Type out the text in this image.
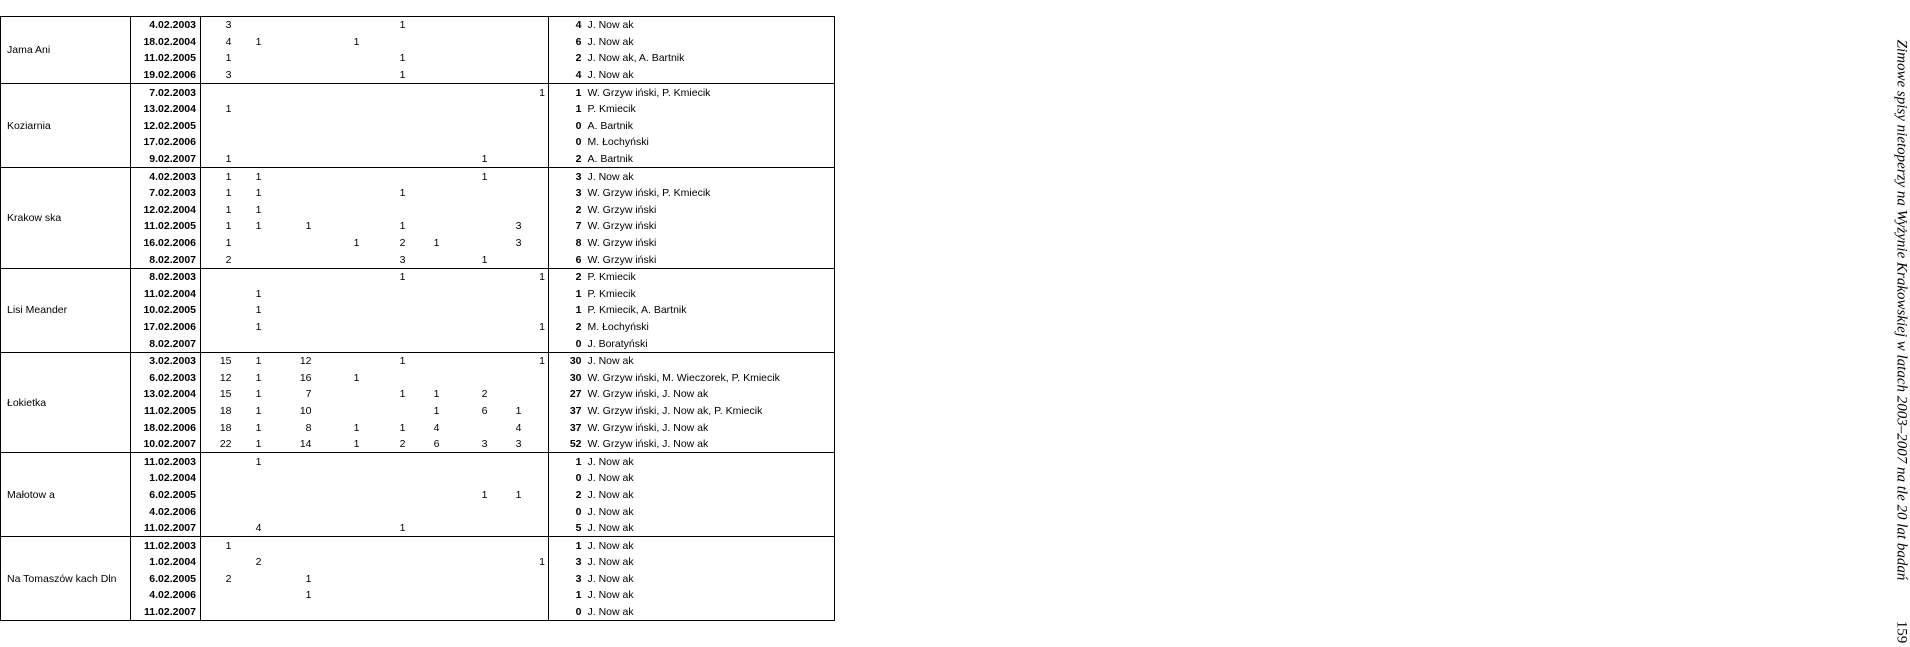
Jama Ani	4.02.2003	3				1					4	J. Now ak
	18.02.2004	4	1		1						6	J. Now ak
	11.02.2005	1				1					2	J. Now ak, A. Bartnik
	19.02.2006	3				1					4	J. Now ak
Koziarnia	7.02.2003									1	1	W. Grzyw iński, P. Kmiecik
	13.02.2004	1									1	P. Kmiecik
	12.02.2005										0	A. Bartnik
	17.02.2006										0	M. Łochyński
	9.02.2007	1						1			2	A. Bartnik
Krakow ska	4.02.2003	1	1					1			3	J. Now ak
	7.02.2003	1	1			1					3	W. Grzyw iński, P. Kmiecik
	12.02.2004	1	1								2	W. Grzyw iński
	11.02.2005	1	1	1		1			3		7	W. Grzyw iński
	16.02.2006	1			1	2	1		3		8	W. Grzyw iński
	8.02.2007	2				3		1			6	W. Grzyw iński
Lisi Meander	8.02.2003					1				1	2	P. Kmiecik
	11.02.2004		1								1	P. Kmiecik
	10.02.2005		1								1	P. Kmiecik, A. Bartnik
	17.02.2006		1							1	2	M. Łochyński
	8.02.2007										0	J. Boratyński
Łokietka	3.02.2003	15	1	12		1				1	30	J. Now ak
	6.02.2003	12	1	16	1						30	W. Grzyw iński, M. Wieczorek, P. Kmiecik
	13.02.2004	15	1	7		1	1	2			27	W. Grzyw iński, J. Now ak
	11.02.2005	18	1	10			1	6	1		37	W. Grzyw iński, J. Now ak, P. Kmiecik
	18.02.2006	18	1	8	1	1	4		4		37	W. Grzyw iński, J. Now ak
	10.02.2007	22	1	14	1	2	6	3	3		52	W. Grzyw iński, J. Now ak
Małotow a	11.02.2003		1								1	J. Now ak
	1.02.2004										0	J. Now ak
	6.02.2005							1	1		2	J. Now ak
	4.02.2006										0	J. Now ak
	11.02.2007		4			1					5	J. Now ak
Na Tomaszów kach Dln	11.02.2003	1									1	J. Now ak
	1.02.2004		2							1	3	J. Now ak
	6.02.2005	2		1							3	J. Now ak
	4.02.2006			1							1	J. Now ak
	11.02.2007										0	J. Now ak
Zimowe spisy nietoperzy na Wyżynie Krakowskiej w latach 2003–2007 na tle 20 lat badań
159
